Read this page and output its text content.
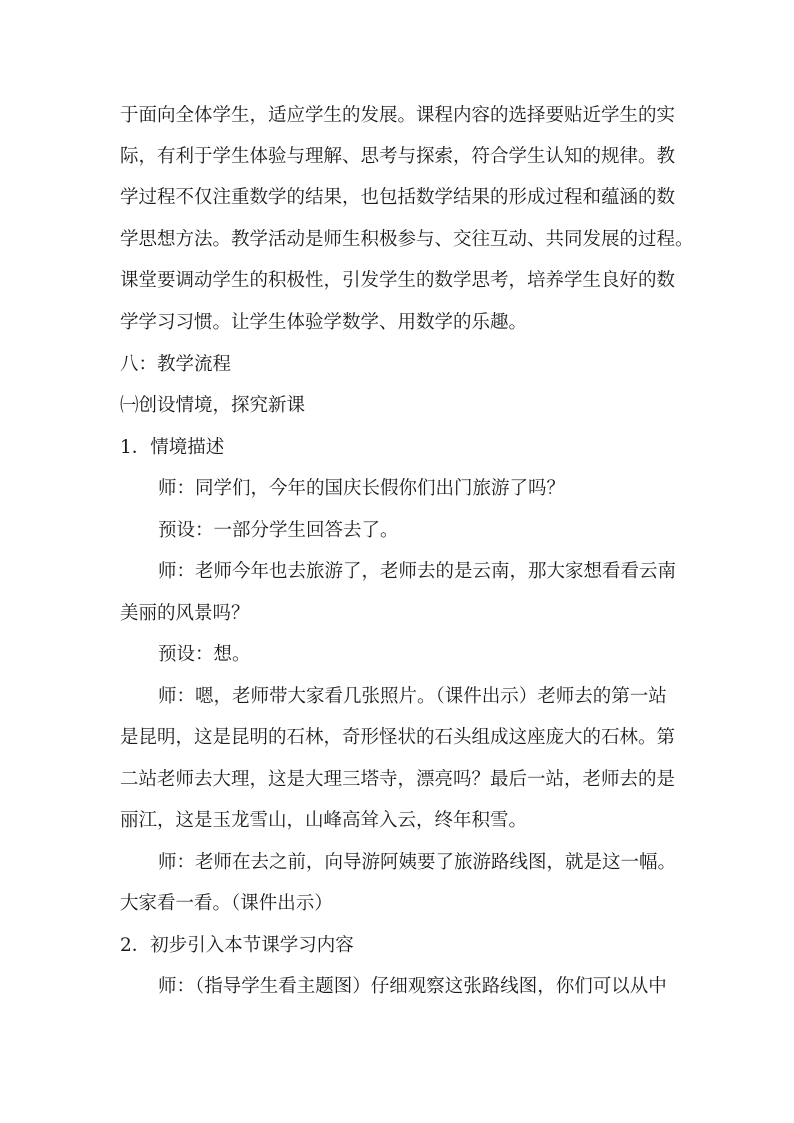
于面向全体学生，适应学生的发展。课程内容的选择要贴近学生的实

际，有利于学生体验与理解、思考与探索，符合学生认知的规律。教

学过程不仅注重数学的结果，也包括数学结果的形成过程和蕴涵的数

学思想方法。教学活动是师生积极参与、交往互动、共同发展的过程。

课堂要调动学生的积极性，引发学生的数学思考，培养学生良好的数

学学习习惯。让学生体验学数学、用数学的乐趣。

八：教学流程

㈠创设情境，探究新课

1．情境描述

师：同学们，今年的国庆长假你们出门旅游了吗？

预设：一部分学生回答去了。

师：老师今年也去旅游了，老师去的是云南，那大家想看看云南

美丽的风景吗？

预设：想。

师：嗯，老师带大家看几张照片。（课件出示）老师去的第一站

是昆明，这是昆明的石林，奇形怪状的石头组成这座庞大的石林。第

二站老师去大理，这是大理三塔寺，漂亮吗？最后一站，老师去的是

丽江，这是玉龙雪山，山峰高耸入云，终年积雪。

师：老师在去之前，向导游阿姨要了旅游路线图，就是这一幅。

大家看一看。（课件出示）

2．初步引入本节课学习内容

师：（指导学生看主题图）仔细观察这张路线图，你们可以从中
